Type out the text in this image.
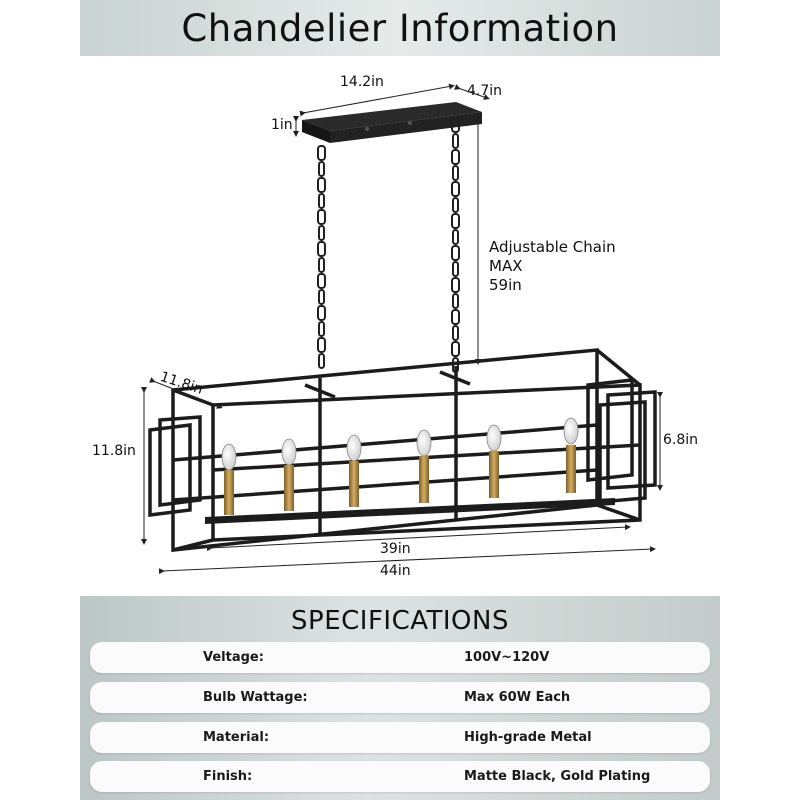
Chandelier Information
14.2in
4.7in
1in
Adjustable Chain
MAX
59in
11.8in
11.8in
6.8in
39in
44in
SPECIFICATIONS
Veltage:	100V~120V
Bulb Wattage:	Max 60W Each
Material:	High-grade Metal
Finish:	Matte Black, Gold Plating
